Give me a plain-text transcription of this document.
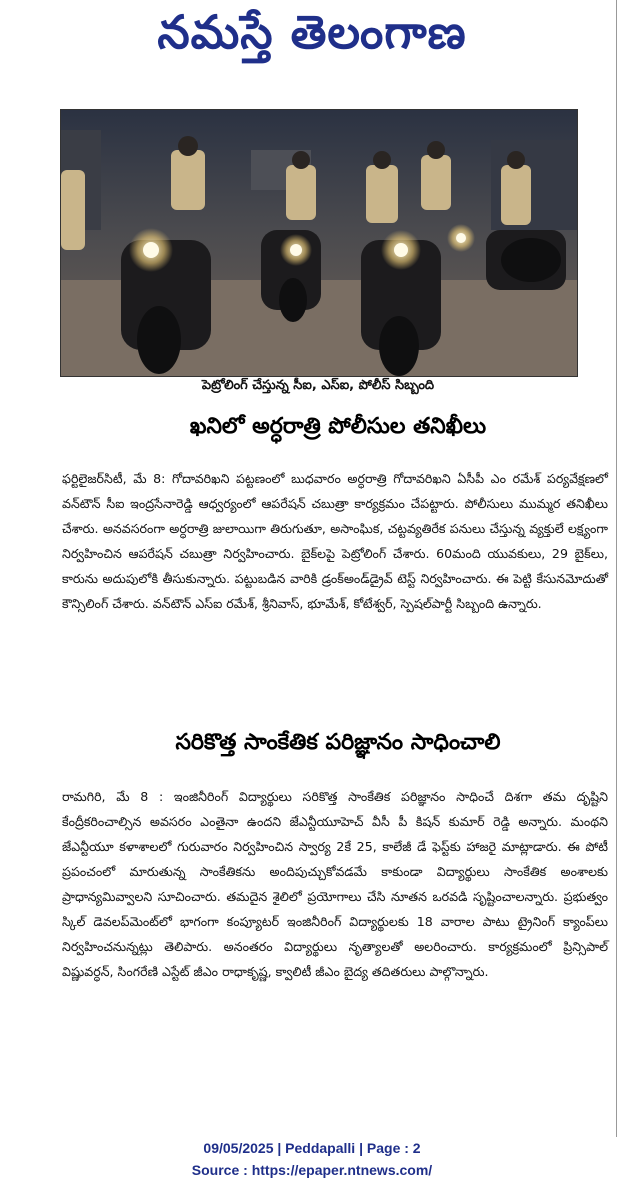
నమస్తే తెలంగాణ
పెట్రోలింగ్ చేస్తున్న సీఐ, ఎస్ఐ, పోలీస్ సిబ్బంది
ఖనిలో అర్ధరాత్రి పోలీసుల తనిఖీలు
ఫర్టిలైజర్‌సిటీ, మే 8: గోదావరిఖని పట్టణంలో బుధవారం అర్ధరాత్రి గోదావరిఖని ఏసీపీ ఎం రమేశ్ పర్యవేక్షణలో వన్‌టౌన్ సీఐ ఇంద్రసేనారెడ్డి ఆధ్వర్యంలో ఆపరేషన్ చబుత్రా కార్యక్రమం చేపట్టారు. పోలీసులు ముమ్మర తనిఖీలు చేశారు. అనవసరంగా అర్ధరాత్రి జులాయిగా తిరుగుతూ, అసాంఘిక, చట్టవ్యతిరేక పనులు చేస్తున్న వ్యక్తులే లక్ష్యంగా నిర్వహించిన ఆపరేషన్ చబుత్రా నిర్వహించారు. బైక్‌లపై పెట్రోలింగ్ చేశారు. 60మంది యువకులు, 29 బైక్‌లు, కారును అదుపులోకి తీసుకున్నారు. పట్టుబడిన వారికి డ్రంక్‌అండ్‌డ్రైవ్ టెస్ట్ నిర్వహించారు. ఈ పెట్టి కేసునమోదుతో కౌన్సిలింగ్ చేశారు. వన్‌టౌన్ ఎస్ఐ రమేశ్, శ్రీనివాస్, భూమేశ్, కోటేశ్వర్, స్పెషల్‌పార్టీ సిబ్బంది ఉన్నారు.
సరికొత్త సాంకేతిక పరిజ్ఞానం సాధించాలి
రామగిరి, మే 8 : ఇంజినీరింగ్ విద్యార్థులు సరికొత్త సాంకేతిక పరిజ్ఞానం సాధించే దిశగా తమ దృష్టిని కేంద్రీకరించాల్సిన అవసరం ఎంతైనా ఉందని జేఎన్టీయూహెచ్ వీసీ పీ కిషన్ కుమార్ రెడ్డి అన్నారు. మంథని జేఎన్టీయూ కళాశాలలో గురువారం నిర్వహించిన స్వార్య 2కే 25, కాలేజీ డే ఫెస్ట్‌కు హాజరై మాట్లాడారు. ఈ పోటీ ప్రపంచంలో మారుతున్న సాంకేతికను అందిపుచ్చుకోవడమే కాకుండా విద్యార్థులు సాంకేతిక అంశాలకు ప్రాధాన్యమివ్వాలని సూచించారు. తమదైన శైలిలో ప్రయోగాలు చేసి నూతన ఒరవడి సృష్టించాలన్నారు. ప్రభుత్వం స్కిల్ డెవలప్‌మెంట్‌లో భాగంగా కంప్యూటర్ ఇంజినీరింగ్ విద్యార్థులకు 18 వారాల పాటు ట్రైనింగ్ క్యాంప్‌లు నిర్వహించనున్నట్లు తెలిపారు. అనంతరం విద్యార్థులు నృత్యాలతో అలరించారు. కార్యక్రమంలో ప్రిన్సిపాల్ విష్ణువర్ధన్, సింగరేణి ఎస్టేట్ జీఎం రాధాకృష్ణ, క్వాలిటీ జీఎం బైద్య తదితరులు పాల్గొన్నారు.
09/05/2025 | Peddapalli | Page : 2
Source : https://epaper.ntnews.com/
